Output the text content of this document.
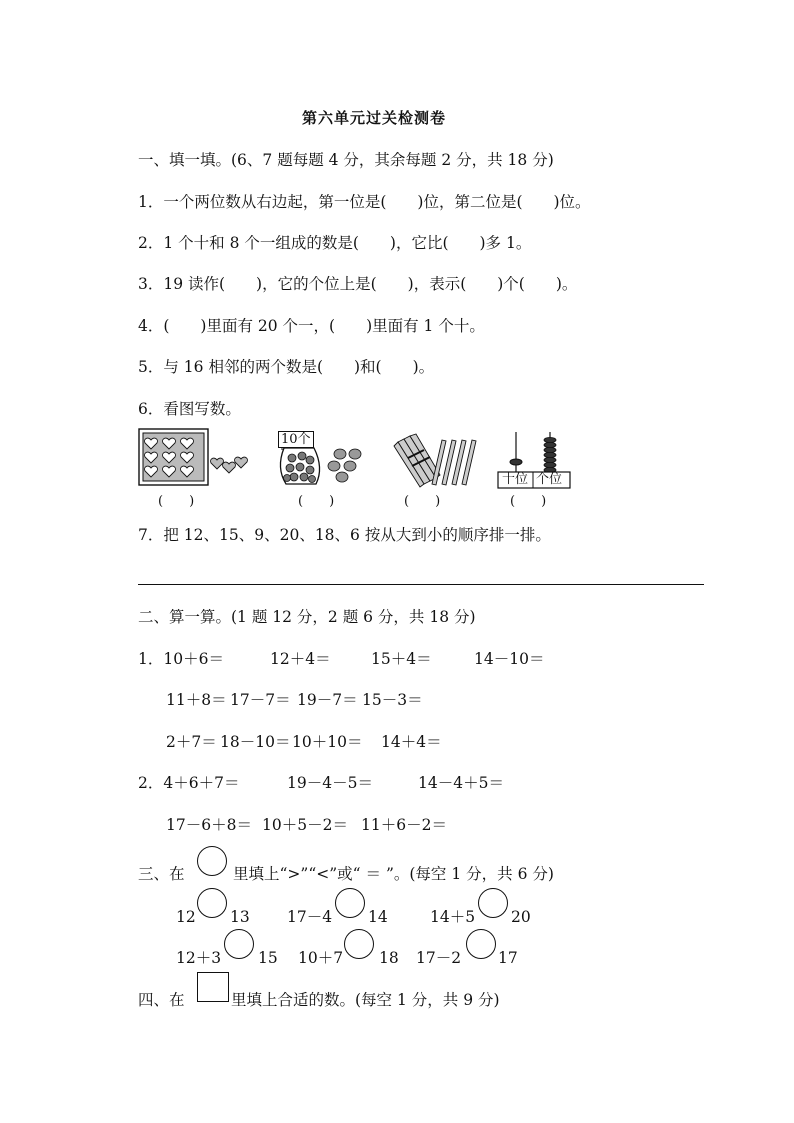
第六单元过关检测卷
一、填一填。(6、7 题每题 4 分，其余每题 2 分，共 18 分)
1．一个两位数从右边起，第一位是(　　)位，第二位是(　　)位。
2．1 个十和 8 个一组成的数是(　　)，它比(　　)多 1。
3．19 读作(　　)，它的个位上是(　　)，表示(　　)个(　　)。
4．(　　)里面有 20 个一，(　　)里面有 1 个十。
5．与 16 相邻的两个数是(　　)和(　　)。
6．看图写数。
10个
十位 个位
(　　)	(　　)	(　　)	(　　)
7．把 12、15、9、20、18、6 按从大到小的顺序排一排。
二、算一算。(1 题 12 分，2 题 6 分，共 18 分)
1．10＋6＝	12＋4＝	15＋4＝	14－10＝
11＋8＝ 17－7＝ 19－7＝ 15－3＝
2＋7＝ 18－10＝ 10＋10＝ 14＋4＝
2．4＋6＋7＝	19－4－5＝	14－4＋5＝
17－6＋8＝ 10＋5－2＝ 11＋6－2＝
三、在	里填上“>”“<”或“ ＝ ”。(每空 1 分，共 6 分)
12 13 17－4 14	14＋5 20
12＋3 15 10＋7 18 17－2 17
四、在	里填上合适的数。(每空 1 分，共 9 分)
